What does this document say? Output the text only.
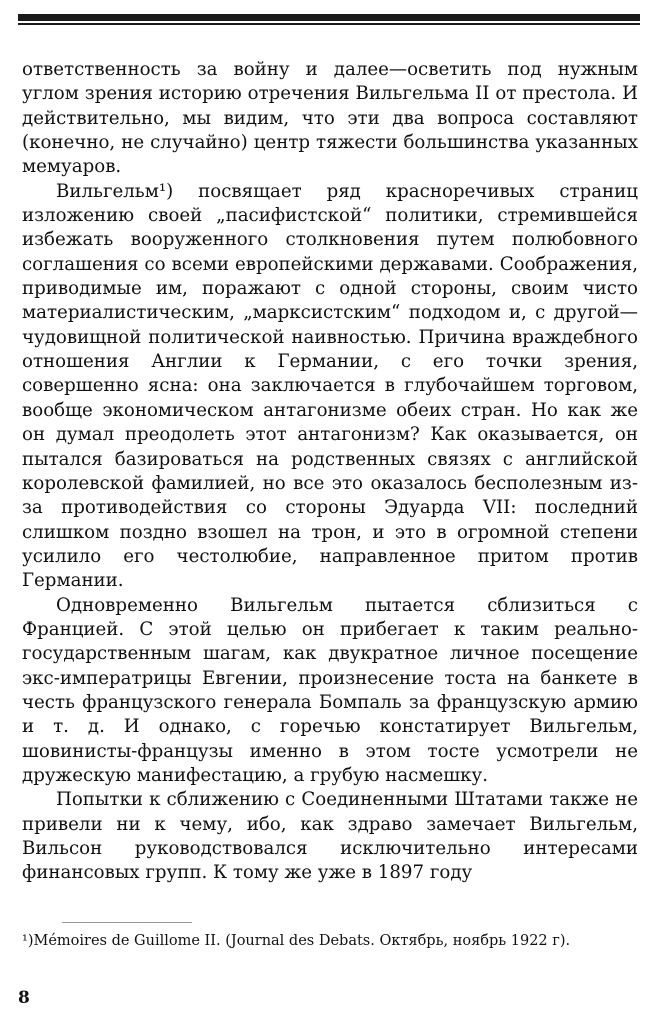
ответственность за войну и далее—осветить под нужным углом зрения историю отречения Вильгельма II от престола. И действительно, мы видим, что эти два вопроса составляют (конечно, не случайно) центр тяжести большинства указанных мемуаров.

Вильгельм¹) посвящает ряд красноречивых страниц изложению своей „пасифистской“ политики, стремившейся избежать вооруженного столкновения путем полюбовного соглашения со всеми европейскими державами. Соображения, приводимые им, поражают с одной стороны, своим чисто материалистическим, „марксистским“ подходом и, с другой—чудовищной политической наивностью. Причина враждебного отношения Англии к Германии, с его точки зрения, совершенно ясна: она заключается в глубочайшем торговом, вообще экономическом антагонизме обеих стран. Но как же он думал преодолеть этот антагонизм? Как оказывается, он пытался базироваться на родственных связях с английской королевской фамилией, но все это оказалось бесполезным из-за противодействия со стороны Эдуарда VII: последний слишком поздно взошел на трон, и это в огромной степени усилило его честолюбие, направленное притом против Германии.

Одновременно Вильгельм пытается сблизиться с Францией. С этой целью он прибегает к таким реально-государственным шагам, как двукратное личное посещение экс-императрицы Евгении, произнесение тоста на банкете в честь французского генерала Бомпаль за французскую армию и т. д. И однако, с горечью констатирует Вильгельм, шовинисты-французы именно в этом тосте усмотрели не дружескую манифестацию, а грубую насмешку.

Попытки к сближению с Соединенными Штатами также не привели ни к чему, ибо, как здраво замечает Вильгельм, Вильсон руководствовался исключительно интересами финансовых групп. К тому же уже в 1897 году

¹)Mémoires de Guillome II. (Journal des Debats. Октябрь, ноябрь 1922 г).
8
